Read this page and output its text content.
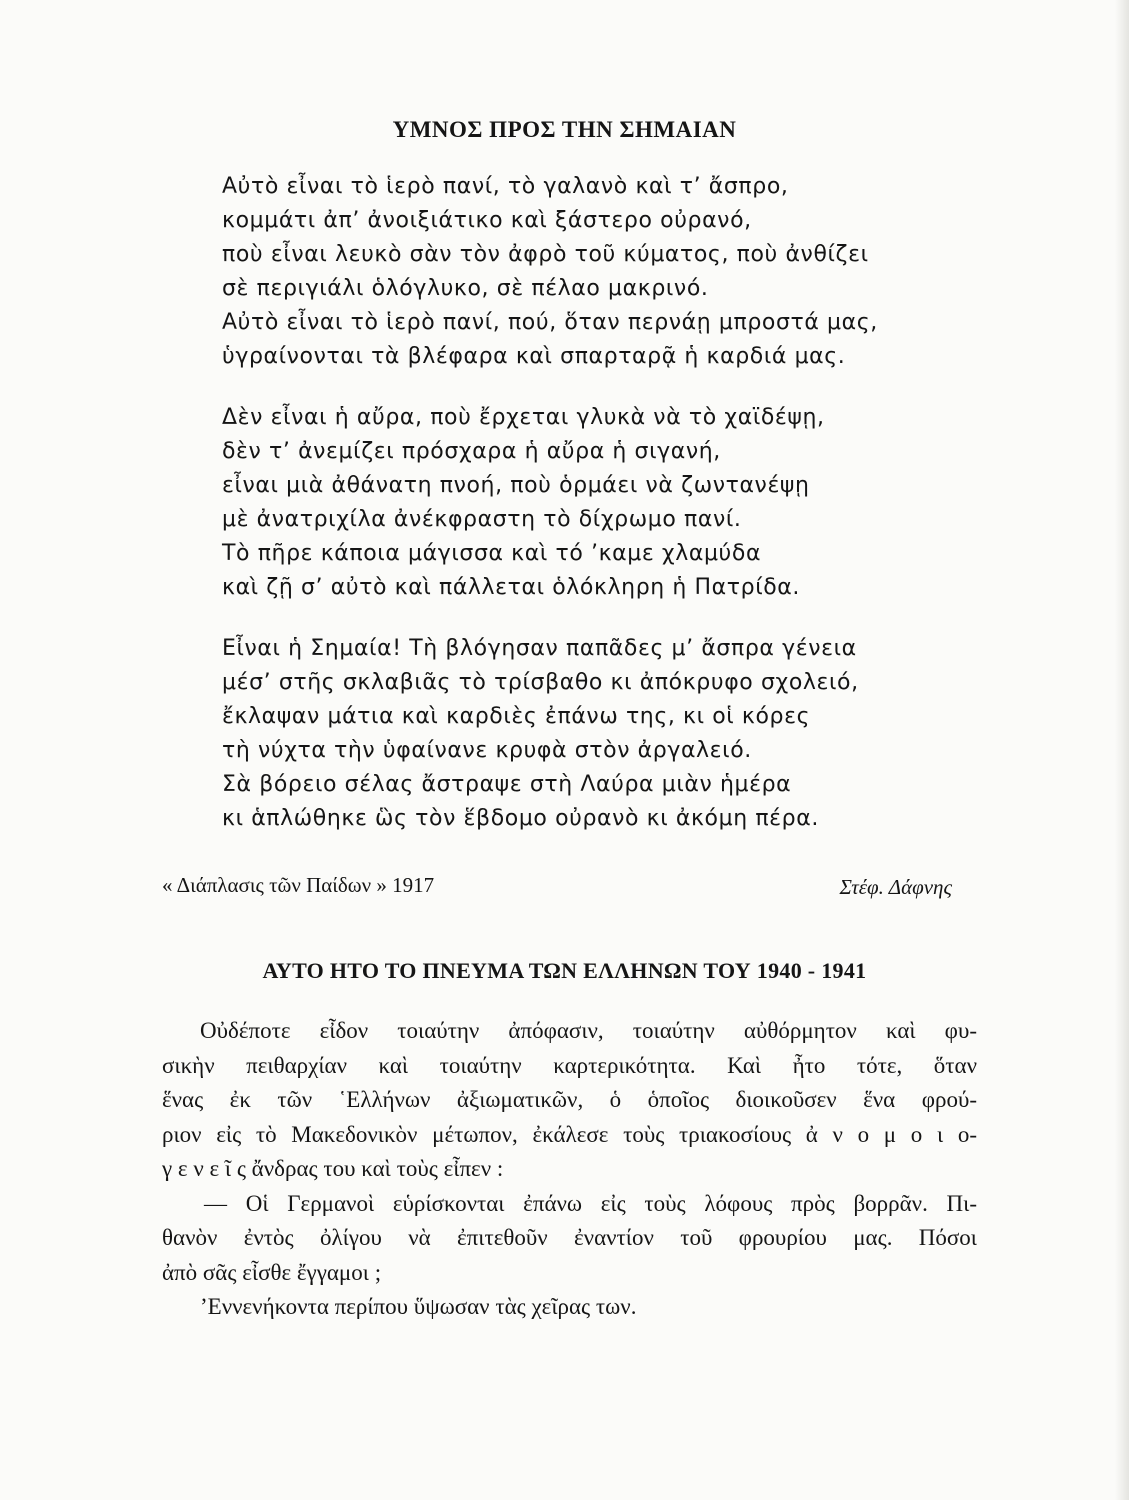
ΥΜΝΟΣ ΠΡΟΣ ΤΗΝ ΣΗΜΑΙΑΝ
Αὐτὸ εἶναι τὸ ἱερὸ πανί, τὸ γαλανὸ καὶ τ’ ἄσπρο,
κομμάτι ἀπ’ ἀνοιξιάτικο καὶ ξάστερο οὐρανό,
ποὺ εἶναι λευκὸ σὰν τὸν ἀφρὸ τοῦ κύματος, ποὺ ἀνθίζει
σὲ περιγιάλι ὁλόγλυκο, σὲ πέλαο μακρινό.
Αὐτὸ εἶναι τὸ ἱερὸ πανί, πού, ὅταν περνάῃ μπροστά μας,
ὑγραίνονται τὰ βλέφαρα καὶ σπαρταρᾷ ἡ καρδιά μας.
Δὲν εἶναι ἡ αὔρα, ποὺ ἔρχεται γλυκὰ νὰ τὸ χαϊδέψῃ,
δὲν τ’ ἀνεμίζει πρόσχαρα ἡ αὔρα ἡ σιγανή,
εἶναι μιὰ ἀθάνατη πνοή, ποὺ ὁρμάει νὰ ζωντανέψῃ
μὲ ἀνατριχίλα ἀνέκφραστη τὸ δίχρωμο πανί.
Τὸ πῆρε κάποια μάγισσα καὶ τό ’καμε χλαμύδα
καὶ ζῇ σ’ αὐτὸ καὶ πάλλεται ὁλόκληρη ἡ Πατρίδα.
Εἶναι ἡ Σημαία! Τὴ βλόγησαν παπᾶδες μ’ ἄσπρα γένεια
μέσ’ στῆς σκλαβιᾶς τὸ τρίσβαθο κι ἀπόκρυφο σχολειό,
ἔκλαψαν μάτια καὶ καρδιὲς ἐπάνω της, κι οἱ κόρες
τὴ νύχτα τὴν ὑφαίνανε κρυφὰ στὸν ἀργαλειό.
Σὰ βόρειο σέλας ἄστραψε στὴ Λαύρα μιὰν ἡμέρα
κι ἁπλώθηκε ὣς τὸν ἕβδομο οὐρανὸ κι ἀκόμη πέρα.
« Διάπλασις τῶν Παίδων » 1917	Στέφ. Δάφνης
ΑΥΤΟ ΗΤΟ ΤΟ ΠΝΕΥΜΑ ΤΩΝ ΕΛΛΗΝΩΝ ΤΟΥ 1940 - 1941
Οὐδέποτε εἶδον τοιαύτην ἀπόφασιν, τοιαύτην αὐθόρμητον καὶ φυ-
σικὴν πειθαρχίαν καὶ τοιαύτην καρτερικότητα. Καὶ ἦτο τότε, ὅταν
ἕνας ἐκ τῶν ῾Ελλήνων ἀξιωματικῶν, ὁ ὁποῖος διοικοῦσεν ἕνα φρού-
ριον εἰς τὸ Μακεδονικὸν μέτωπον, ἐκάλεσε τοὺς τριακοσίους ἀ ν ο μ ο ι ο-
γ ε ν ε ῖ ς ἄνδρας του καὶ τοὺς εἶπεν :
— Οἱ Γερμανοὶ εὑρίσκονται ἐπάνω εἰς τοὺς λόφους πρὸς βορρᾶν. Πι-
θανὸν ἐντὸς ὀλίγου νὰ ἐπιτεθοῦν ἐναντίον τοῦ φρουρίου μας. Πόσοι
ἀπὸ σᾶς εἶσθε ἔγγαμοι ;
’Εννενήκοντα περίπου ὕψωσαν τὰς χεῖρας των.
